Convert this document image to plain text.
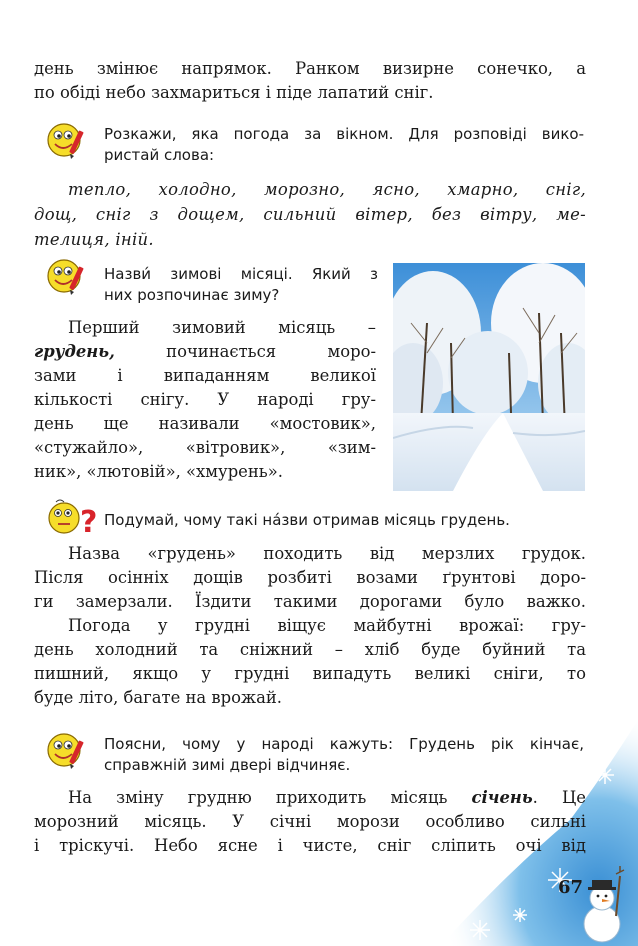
день змінює напрямок. Ранком визирне сонечко, а
по обіді небо захмариться і піде лапатий сніг.
Розкажи, яка погода за вікном. Для розповіді вико-
ристай слова:
тепло, холодно, морозно, ясно, хмарно, сніг,
дощ, сніг з дощем, сильний вітер, без вітру, ме-
телиця, іній.
Назви́ зимові місяці. Який з
них розпочинає зиму?
Перший зимовий місяць –
грудень,	починається моро-
зами і випаданням великої
кількості снігу. У народі гру-
день ще називали «мостовик»,
«стужайло», «вітровик», «зим-
ник», «лютовій», «хмурень».
? Подумай, чому такі на́зви отримав місяць грудень.
Назва «грудень» походить від мерзлих грудок.
Після осінніх дощів розбиті возами ґрунтові доро-
ги замерзали. Їздити такими дорогами було важко.
Погода у грудні віщує майбутні врожаї: гру-
день холодний та сніжний – хліб буде буйний та
пишний, якщо у грудні випадуть великі сніги, то
буде літо, багате на врожай.
Поясни, чому у народі кажуть: Грудень рік кінчає,
справжній зимі двері відчиняє.
На зміну грудню приходить місяць січень. Це
морозний місяць. У січні морози особливо сильні
і тріскучі. Небо ясне і чисте, сніг сліпить очі від
67
